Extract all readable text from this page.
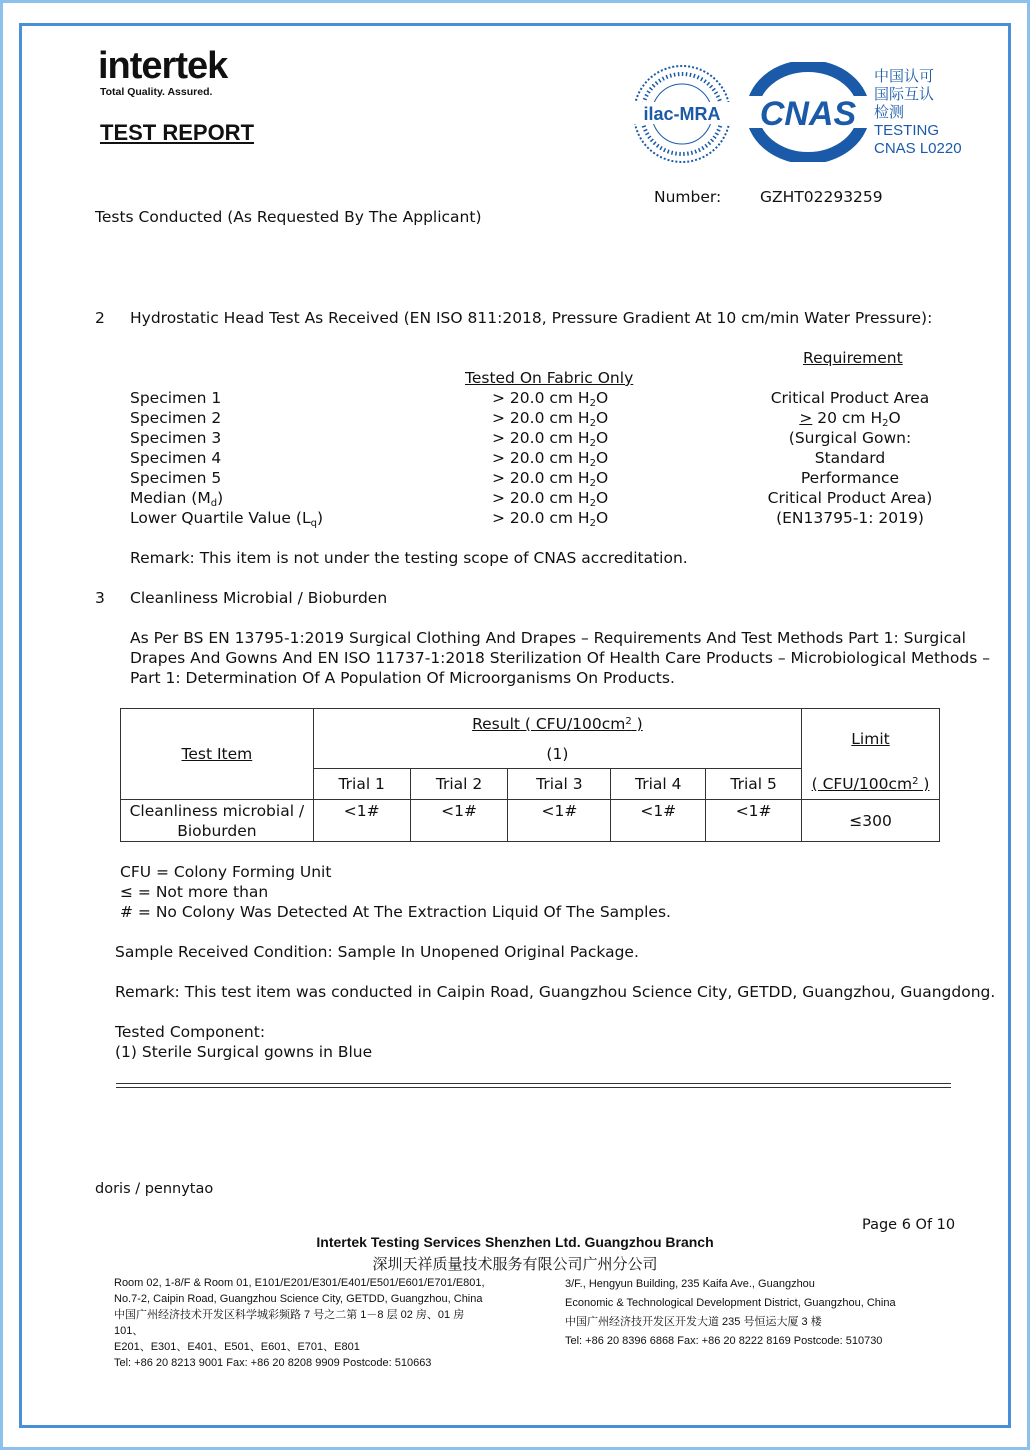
intertek
Total Quality. Assured.
TEST REPORT
ilac-MRA CNAS
中国认可
国际互认
检测
TESTING
CNAS L0220
Number:	GZHT02293259
Tests Conducted (As Requested By The Applicant)
2 Hydrostatic Head Test As Received (EN ISO 811:2018, Pressure Gradient At 10 cm/min Water Pressure):
Requirement
Tested On Fabric Only
Specimen 1	> 20.0 cm $H_2O$	Critical Product Area
Specimen 2	> 20.0 cm $H_2O$	> 20 cm $H_2O$
Specimen 3	> 20.0 cm $H_2O$	(Surgical Gown:
Specimen 4	> 20.0 cm $H_2O$	Standard
Specimen 5	> 20.0 cm $H_2O$	Performance
Median $(M_d)$	> 20.0 cm $H_2O$	Critical Product Area)
Lower Quartile Value $(L_q)$	> 20.0 cm $H_2O$	(EN13795-1: 2019)
Remark: This item is not under the testing scope of CNAS accreditation.
3 Cleanliness Microbial / Bioburden
As Per BS EN 13795-1:2019 Surgical Clothing And Drapes – Requirements And Test Methods Part 1: Surgical
Drapes And Gowns And EN ISO 11737-1:2018 Sterilization Of Health Care Products – Microbiological Methods –
Part 1: Determination Of A Population Of Microorganisms On Products.
Test Item	Result ( CFU/$100cm^2$ )					Limit
	(1)					
	Trial 1	Trial 2	Trial 3	Trial 4	Trial 5	( CFU/$100cm^2$ )

Cleanliness microbial /
Bioburden	<1#	<1#	<1#	<1#	<1#	≤300
CFU = Colony Forming Unit
≤ = Not more than
# = No Colony Was Detected At The Extraction Liquid Of The Samples.
Sample Received Condition: Sample In Unopened Original Package.
Remark: This test item was conducted in Caipin Road, Guangzhou Science City, GETDD, Guangzhou, Guangdong.
Tested Component:
(1) Sterile Surgical gowns in Blue
doris / pennytao
Page 6 Of 10
Intertek Testing Services Shenzhen Ltd. Guangzhou Branch
深圳天祥质量技术服务有限公司广州分公司
Room 02, 1-8/F & Room 01, E101/E201/E301/E401/E501/E601/E701/E801,
No.7-2, Caipin Road, Guangzhou Science City, GETDD, Guangzhou, China
中国广州经济技术开发区科学城彩频路 7 号之二第 1－8 层 02 房、01 房
101、
E201、E301、E401、E501、E601、E701、E801
Tel: +86 20 8213 9001 Fax: +86 20 8208 9909 Postcode: 510663
3/F., Hengyun Building, 235 Kaifa Ave., Guangzhou
Economic & Technological Development District, Guangzhou, China
中国广州经济技开发区开发大道 235 号恒运大厦 3 楼
Tel: +86 20 8396 6868 Fax: +86 20 8222 8169 Postcode: 510730
